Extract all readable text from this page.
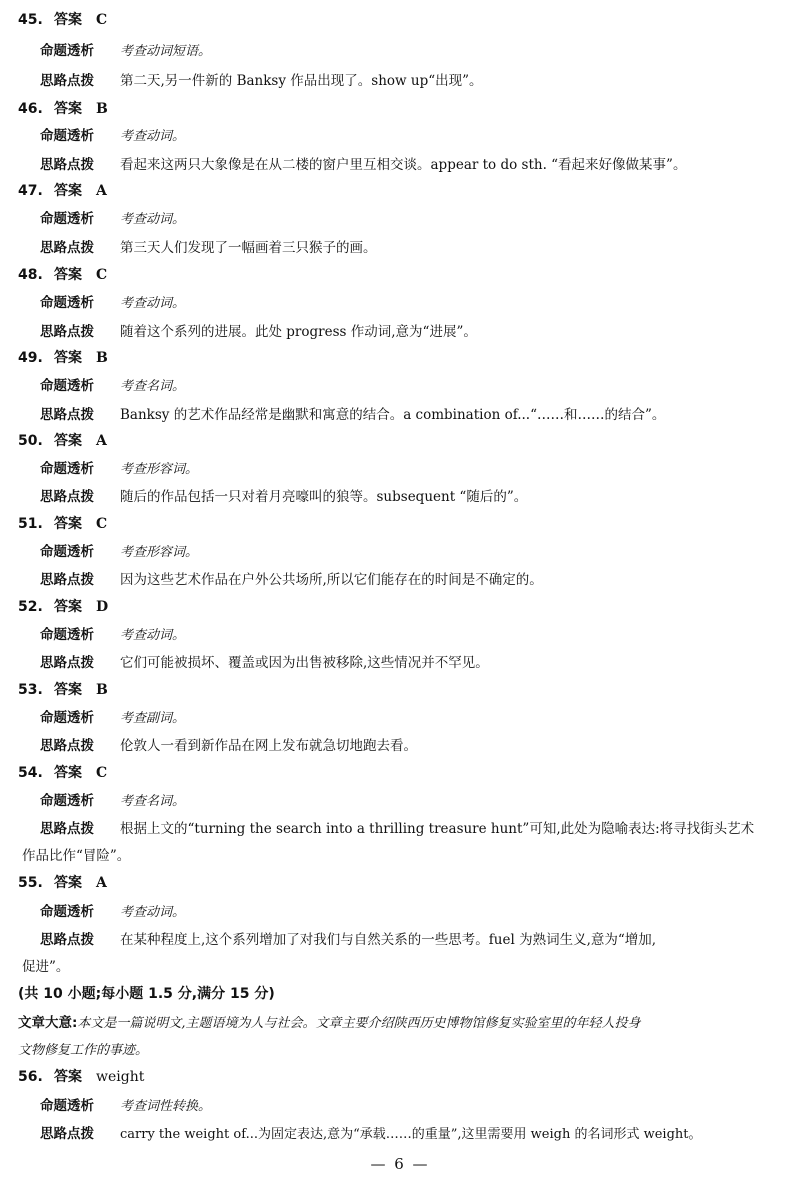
45. 答案 C
命题透析 考查动词短语。
思路点拨 第二天,另一件新的 Banksy 作品出现了。show up“出现”。
46. 答案 B
命题透析 考查动词。
思路点拨 看起来这两只大象像是在从二楼的窗户里互相交谈。appear to do sth. “看起来好像做某事”。
47. 答案 A
命题透析 考查动词。
思路点拨 第三天人们发现了一幅画着三只猴子的画。
48. 答案 C
命题透析 考查动词。
思路点拨 随着这个系列的进展。此处 progress 作动词,意为“进展”。
49. 答案 B
命题透析 考查名词。
思路点拨 Banksy 的艺术作品经常是幽默和寓意的结合。a combination of...“……和……的结合”。
50. 答案 A
命题透析 考查形容词。
思路点拨 随后的作品包括一只对着月亮嚎叫的狼等。subsequent “随后的”。
51. 答案 C
命题透析 考查形容词。
思路点拨 因为这些艺术作品在户外公共场所,所以它们能存在的时间是不确定的。
52. 答案 D
命题透析 考查动词。
思路点拨 它们可能被损坏、覆盖或因为出售被移除,这些情况并不罕见。
53. 答案 B
命题透析 考查副词。
思路点拨 伦敦人一看到新作品在网上发布就急切地跑去看。
54. 答案 C
命题透析 考查名词。
思路点拨 根据上文的“turning the search into a thrilling treasure hunt”可知,此处为隐喻表达:将寻找街头艺术
作品比作“冒险”。
55. 答案 A
命题透析 考查动词。
思路点拨 在某种程度上,这个系列增加了对我们与自然关系的一些思考。fuel 为熟词生义,意为“增加,
促进”。
(共 10 小题;每小题 1.5 分,满分 15 分)
文章大意:本文是一篇说明文,主题语境为人与社会。文章主要介绍陕西历史博物馆修复实验室里的年轻人投身
文物修复工作的事迹。
56. 答案 weight
命题透析 考查词性转换。
思路点拨 carry the weight of...为固定表达,意为“承载……的重量”,这里需要用 weigh 的名词形式 weight。
— 6 —
